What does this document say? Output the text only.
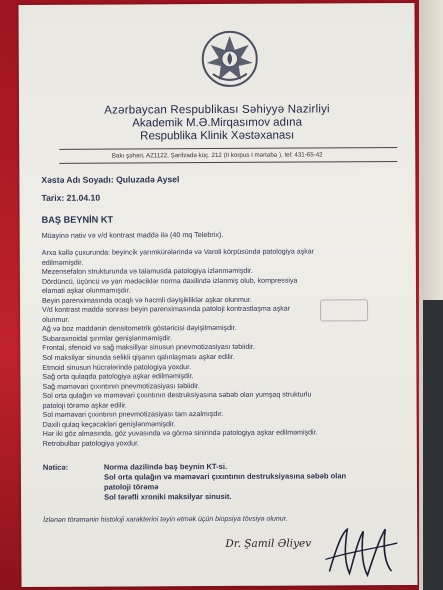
Azərbaycan Respublikası Səhiyyə Nazirliyi
Akademik M.Ə.Mirqasımov adına
Respublika Klinik Xəstəxanası
Bakı şəhəri, AZ1122, Şərifzadə küç. 212 (II korpus I mərtəbə ), tel: 431-65-42
Xəstə Adı Soyadı: Quluzadə Aysel
Tarix: 21.04.10
BAŞ BEYNİN KT
Müayinə nativ və v/d kontrast maddə ilə (40 mq Telebrix).
Arxa kəllə çuxurunda: beyincik yarımkürələrində və Varoli körpüsündə patologiya aşkar
edilməmişdir.
Mezensefalon strukturunda və talamusda patologiya izlənməmişdir.
Dördüncü, üçüncü və yan mədəciklər norma daxilində izlənmiş olub, kompressiya
elamati aşkar olunmamışdır.
Beyin parenximasında ocaqlı və həcmli dəyişikliklər aşkar olunmur.
V/d kontrast maddə sonrası beyin parenximasında patoloji kontrastlaşma aşkar
olunmur.
Ağ və boz maddənin densitometrik göstəricisi dəyişilməmişdir.
Subaraxnoidal şırımlar genişlənməmişdir.
Frontal, sfenoid və sağ maksillyar sinusun pnevmotizasiyası təbiidir.
Sol maksilyar sinusda selikli qişanın qalınlaşması aşkar edilir.
Etmoid sinusun hücrələrində patologiya yoxdur.
Sağ orta qulaqda patologiya aşkar edilməmişdir.
Sağ məməvari çıxıntının pnevmotizasiyası təbiidir.
Sol orta qulağın və məməvari çıxıntının destruksiyasına səbəb olan yumşaq strukturlu
patoloji törəmə aşkar edilir.
Sol məməvari çıxıntının pnevmotizasiyası tam azalmışdır.
Daxili qulaq keçəcəkləri genişlənməmişdir.
Hər iki göz almasında, göz yuvasında və görmə sinirində patologiya aşkar edilməmişdir.
Retrobulbar patologiya yoxdur.
Nəticə:	Norma dazilində baş beynin KT-si.
Sol orta qulağın və məməvari çıxıntının destruksiyasına səbəb olan
patoloji törəmə
Sol tərəfli xroniki maksilyar sinusit.
İzlənən törəmənin histoloji xarakterini təyin etmək üçün biopsiya tövsiyə olunur.
Dr. Şamil Əliyev
